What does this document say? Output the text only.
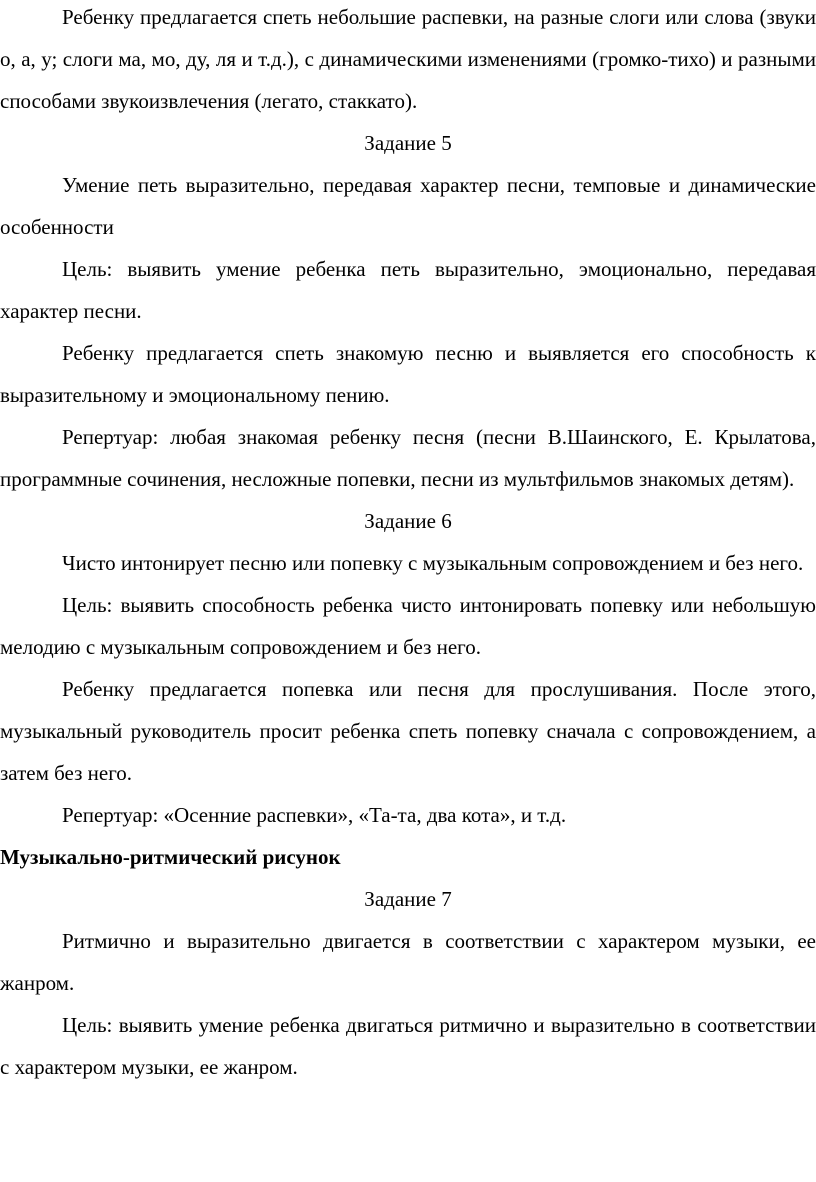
Ребенку предлагается спеть небольшие распевки, на разные слоги или слова (звуки о, а, у; слоги ма, мо, ду, ля и т.д.), с динамическими изменениями (громко-тихо) и разными способами звукоизвлечения (легато, стаккато).

Задание 5

Умение петь выразительно, передавая характер песни, темповые и динамические особенности

Цель: выявить умение ребенка петь выразительно, эмоционально, передавая характер песни.

Ребенку предлагается спеть знакомую песню и выявляется его способность к выразительному и эмоциональному пению.

Репертуар: любая знакомая ребенку песня (песни В.Шаинского, Е. Крылатова, программные сочинения, несложные попевки, песни из мультфильмов знакомых детям).

Задание 6

Чисто интонирует песню или попевку с музыкальным сопровождением и без него.

Цель: выявить способность ребенка чисто интонировать попевку или небольшую мелодию с музыкальным сопровождением и без него.

Ребенку предлагается попевка или песня для прослушивания. После этого, музыкальный руководитель просит ребенка спеть попевку сначала с сопровождением, а затем без него.

Репертуар: «Осенние распевки», «Та-та, два кота», и т.д.

Музыкально-ритмический рисунок

Задание 7

Ритмично и выразительно двигается в соответствии с характером музыки, ее жанром.

Цель: выявить умение ребенка двигаться ритмично и выразительно в соответствии с характером музыки, ее жанром.
